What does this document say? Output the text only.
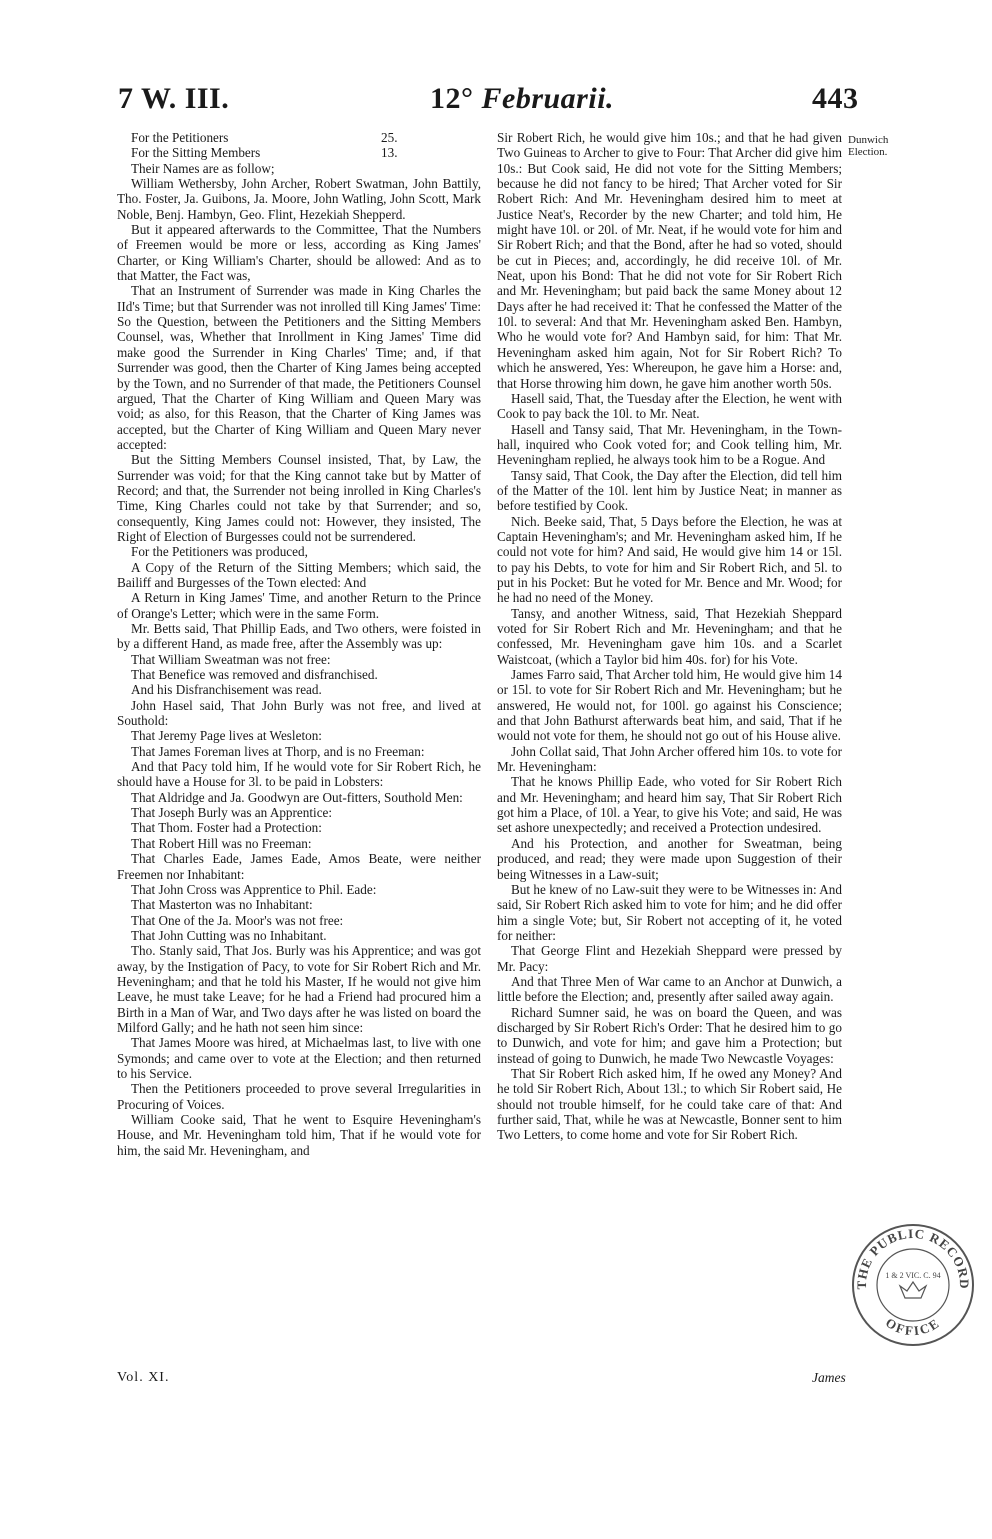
7 W. III.	12° Februarii.	443
For the Petitioners	25.
For the Sitting Members	13.

Their Names are as follow;

William Wethersby, John Archer, Robert Swatman, John Battily, Tho. Foster, Ja. Guibons, Ja. Moore, John Watling, John Scott, Mark Noble, Benj. Hambyn, Geo. Flint, Hezekiah Shepperd.

But it appeared afterwards to the Committee, That the Numbers of Freemen would be more or less, according as King James' Charter, or King William's Charter, should be allowed: And as to that Matter, the Fact was,

That an Instrument of Surrender was made in King Charles the IId's Time; but that Surrender was not inrolled till King James' Time: So the Question, between the Petitioners and the Sitting Members Counsel, was, Whether that Inrollment in King James' Time did make good the Surrender in King Charles' Time; and, if that Surrender was good, then the Charter of King James being accepted by the Town, and no Surrender of that made, the Petitioners Counsel argued, That the Charter of King William and Queen Mary was void; as also, for this Reason, that the Charter of King James was accepted, but the Charter of King William and Queen Mary never accepted:

But the Sitting Members Counsel insisted, That, by Law, the Surrender was void; for that the King cannot take but by Matter of Record; and that, the Surrender not being inrolled in King Charles's Time, King Charles could not take by that Surrender; and so, consequently, King James could not: However, they insisted, The Right of Election of Burgesses could not be surrendered.

For the Petitioners was produced,

A Copy of the Return of the Sitting Members; which said, the Bailiff and Burgesses of the Town elected: And

A Return in King James' Time, and another Return to the Prince of Orange's Letter; which were in the same Form.

Mr. Betts said, That Phillip Eads, and Two others, were foisted in by a different Hand, as made free, after the Assembly was up:

That William Sweatman was not free:

That Benefice was removed and disfranchised.

And his Disfranchisement was read.

John Hasel said, That John Burly was not free, and lived at Southold:

That Jeremy Page lives at Wesleton:

That James Foreman lives at Thorp, and is no Freeman:

And that Pacy told him, If he would vote for Sir Robert Rich, he should have a House for 3l. to be paid in Lobsters:

That Aldridge and Ja. Goodwyn are Out-fitters, Southold Men:

That Joseph Burly was an Apprentice:

That Thom. Foster had a Protection:

That Robert Hill was no Freeman:

That Charles Eade, James Eade, Amos Beate, were neither Freemen nor Inhabitant:

That John Cross was Apprentice to Phil. Eade:

That Masterton was no Inhabitant:

That One of the Ja. Moor's was not free:

That John Cutting was no Inhabitant.

Tho. Stanly said, That Jos. Burly was his Apprentice; and was got away, by the Instigation of Pacy, to vote for Sir Robert Rich and Mr. Heveningham; and that he told his Master, If he would not give him Leave, he must take Leave; for he had a Friend had procured him a Birth in a Man of War, and Two days after he was listed on board the Milford Gally; and he hath not seen him since:

That James Moore was hired, at Michaelmas last, to live with one Symonds; and came over to vote at the Election; and then returned to his Service.

Then the Petitioners proceeded to prove several Irregularities in Procuring of Voices.

William Cooke said, That he went to Esquire Heveningham's House, and Mr. Heveningham told him, That if he would vote for him, the said Mr. Heveningham, and

Sir Robert Rich, he would give him 10s.; and that he had given Two Guineas to Archer to give to Four: That Archer did give him 10s.: But Cook said, He did not vote for the Sitting Members; because he did not fancy to be hired; That Archer voted for Sir Robert Rich: And Mr. Heveningham desired him to meet at Justice Neat's, Recorder by the new Charter; and told him, He might have 10l. or 20l. of Mr. Neat, if he would vote for him and Sir Robert Rich; and that the Bond, after he had so voted, should be cut in Pieces; and, accordingly, he did receive 10l. of Mr. Neat, upon his Bond: That he did not vote for Sir Robert Rich and Mr. Heveningham; but paid back the same Money about 12 Days after he had received it: That he confessed the Matter of the 10l. to several: And that Mr. Heveningham asked Ben. Hambyn, Who he would vote for? And Hambyn said, for him: That Mr. Heveningham asked him again, Not for Sir Robert Rich? To which he answered, Yes: Whereupon, he gave him a Horse: and, that Horse throwing him down, he gave him another worth 50s.

Hasell said, That, the Tuesday after the Election, he went with Cook to pay back the 10l. to Mr. Neat.

Hasell and Tansy said, That Mr. Heveningham, in the Town-hall, inquired who Cook voted for; and Cook telling him, Mr. Heveningham replied, he always took him to be a Rogue. And

Tansy said, That Cook, the Day after the Election, did tell him of the Matter of the 10l. lent him by Justice Neat; in manner as before testified by Cook.

Nich. Beeke said, That, 5 Days before the Election, he was at Captain Heveningham's; and Mr. Heveningham asked him, If he could not vote for him? And said, He would give him 14 or 15l. to pay his Debts, to vote for him and Sir Robert Rich, and 5l. to put in his Pocket: But he voted for Mr. Bence and Mr. Wood; for he had no need of the Money.

Tansy, and another Witness, said, That Hezekiah Sheppard voted for Sir Robert Rich and Mr. Heveningham; and that he confessed, Mr. Heveningham gave him 10s. and a Scarlet Waistcoat, (which a Taylor bid him 40s. for) for his Vote.

James Farro said, That Archer told him, He would give him 14 or 15l. to vote for Sir Robert Rich and Mr. Heveningham; but he answered, He would not, for 100l. go against his Conscience; and that John Bathurst afterwards beat him, and said, That if he would not vote for them, he should not go out of his House alive.

John Collat said, That John Archer offered him 10s. to vote for Mr. Heveningham:

That he knows Phillip Eade, who voted for Sir Robert Rich and Mr. Heveningham; and heard him say, That Sir Robert Rich got him a Place, of 10l. a Year, to give his Vote; and said, He was set ashore unexpectedly; and received a Protection undesired.

And his Protection, and another for Sweatman, being produced, and read; they were made upon Suggestion of their being Witnesses in a Law-suit;

But he knew of no Law-suit they were to be Witnesses in: And said, Sir Robert Rich asked him to vote for him; and he did offer him a single Vote; but, Sir Robert not accepting of it, he voted for neither:

That George Flint and Hezekiah Sheppard were pressed by Mr. Pacy:

And that Three Men of War came to an Anchor at Dunwich, a little before the Election; and, presently after sailed away again.

Richard Sumner said, he was on board the Queen, and was discharged by Sir Robert Rich's Order: That he desired him to go to Dunwich, and vote for him; and gave him a Protection; but instead of going to Dunwich, he made Two Newcastle Voyages:

That Sir Robert Rich asked him, If he owed any Money? And he told Sir Robert Rich, About 13l.; to which Sir Robert said, He should not trouble himself, for he could take care of that: And further said, That, while he was at Newcastle, Bonner sent to him Two Letters, to come home and vote for Sir Robert Rich.

Dunwich Election.
THE PUBLIC RECORD
OFFICE
1 & 2 VIC. C. 94
Vol. XI.	James
